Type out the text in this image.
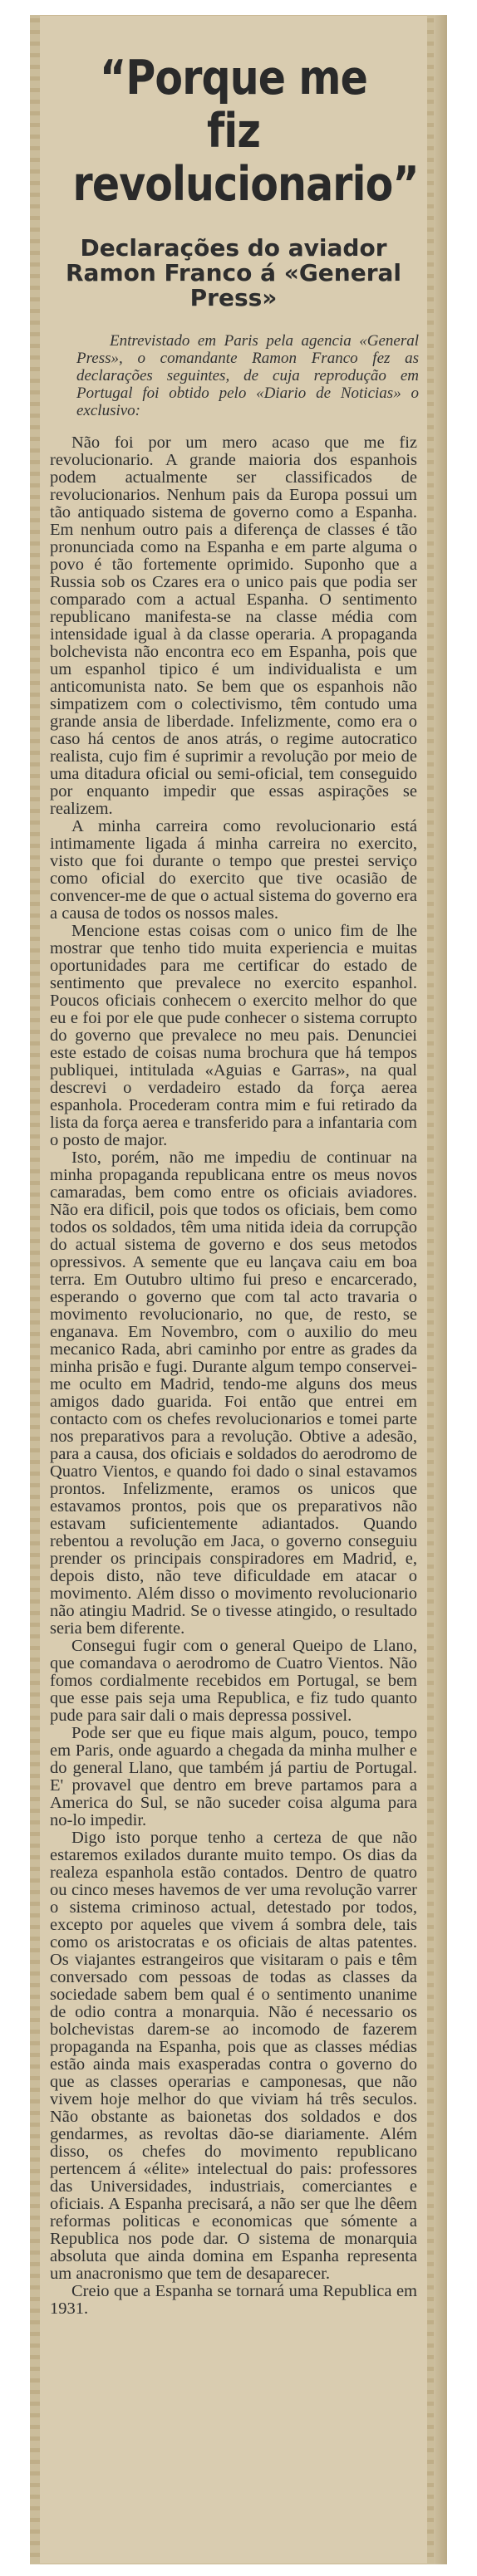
“Porque me fiz revolucionario”
Declarações do aviador Ramon Franco á «General Press»
Entrevistado em Paris pela agencia «General Press», o comandante Ramon Franco fez as declarações seguintes, de cuja reprodução em Portugal foi obtido pelo «Diario de Noticias» o exclusivo:

Não foi por um mero acaso que me fiz revolucionario. A grande maioria dos espanhois podem actualmente ser classificados de revolucionarios. Nenhum pais da Europa possui um tão antiquado sistema de governo como a Espanha. Em nenhum outro pais a diferença de classes é tão pronunciada como na Espanha e em parte alguma o povo é tão fortemente oprimido. Suponho que a Russia sob os Czares era o unico pais que podia ser comparado com a actual Espanha. O sentimento republicano manifesta-se na classe média com intensidade igual à da classe operaria. A propaganda bolchevista não encontra eco em Espanha, pois que um espanhol tipico é um individualista e um anticomunista nato. Se bem que os espanhois não simpatizem com o colectivismo, têm contudo uma grande ansia de liberdade. Infelizmente, como era o caso há centos de anos atrás, o regime autocratico realista, cujo fim é suprimir a revolução por meio de uma ditadura oficial ou semi-oficial, tem conseguido por enquanto impedir que essas aspirações se realizem.

A minha carreira como revolucionario está intimamente ligada á minha carreira no exercito, visto que foi durante o tempo que prestei serviço como oficial do exercito que tive ocasião de convencer-me de que o actual sistema do governo era a causa de todos os nossos males.

Mencione estas coisas com o unico fim de lhe mostrar que tenho tido muita experiencia e muitas oportunidades para me certificar do estado de sentimento que prevalece no exercito espanhol. Poucos oficiais conhecem o exercito melhor do que eu e foi por ele que pude conhecer o sistema corrupto do governo que prevalece no meu pais. Denunciei este estado de coisas numa brochura que há tempos publiquei, intitulada «Aguias e Garras», na qual descrevi o verdadeiro estado da força aerea espanhola. Procederam contra mim e fui retirado da lista da força aerea e transferido para a infantaria com o posto de major.

Isto, porém, não me impediu de continuar na minha propaganda republicana entre os meus novos camaradas, bem como entre os oficiais aviadores. Não era dificil, pois que todos os oficiais, bem como todos os soldados, têm uma nitida ideia da corrupção do actual sistema de governo e dos seus metodos opressivos. A semente que eu lançava caiu em boa terra. Em Outubro ultimo fui preso e encarcerado, esperando o governo que com tal acto travaria o movimento revolucionario, no que, de resto, se enganava. Em Novembro, com o auxilio do meu mecanico Rada, abri caminho por entre as grades da minha prisão e fugi. Durante algum tempo conservei-me oculto em Madrid, tendo-me alguns dos meus amigos dado guarida. Foi então que entrei em contacto com os chefes revolucionarios e tomei parte nos preparativos para a revolução. Obtive a adesão, para a causa, dos oficiais e soldados do aerodromo de Quatro Vientos, e quando foi dado o sinal estavamos prontos. Infelizmente, eramos os unicos que estavamos prontos, pois que os preparativos não estavam suficientemente adiantados. Quando rebentou a revolução em Jaca, o governo conseguiu prender os principais conspiradores em Madrid, e, depois disto, não teve dificuldade em atacar o movimento. Além disso o movimento revolucionario não atingiu Madrid. Se o tivesse atingido, o resultado seria bem diferente.

Consegui fugir com o general Queipo de Llano, que comandava o aerodromo de Cuatro Vientos. Não fomos cordialmente recebidos em Portugal, se bem que esse pais seja uma Republica, e fiz tudo quanto pude para sair dali o mais depressa possivel.

Pode ser que eu fique mais algum, pouco, tempo em Paris, onde aguardo a chegada da minha mulher e do general Llano, que também já partiu de Portugal. E' provavel que dentro em breve partamos para a America do Sul, se não suceder coisa alguma para no-lo impedir.

Digo isto porque tenho a certeza de que não estaremos exilados durante muito tempo. Os dias da realeza espanhola estão contados. Dentro de quatro ou cinco meses havemos de ver uma revolução varrer o sistema criminoso actual, detestado por todos, excepto por aqueles que vivem á sombra dele, tais como os aristocratas e os oficiais de altas patentes. Os viajantes estrangeiros que visitaram o pais e têm conversado com pessoas de todas as classes da sociedade sabem bem qual é o sentimento unanime de odio contra a monarquia. Não é necessario os bolchevistas darem-se ao incomodo de fazerem propaganda na Espanha, pois que as classes médias estão ainda mais exasperadas contra o governo do que as classes operarias e camponesas, que não vivem hoje melhor do que viviam há três seculos. Não obstante as baionetas dos soldados e dos gendarmes, as revoltas dão-se diariamente. Além disso, os chefes do movimento republicano pertencem á «élite» intelectual do pais: professores das Universidades, industriais, comerciantes e oficiais. A Espanha precisará, a não ser que lhe dêem reformas politicas e economicas que sómente a Republica nos pode dar. O sistema de monarquia absoluta que ainda domina em Espanha representa um anacronismo que tem de desaparecer.

Creio que a Espanha se tornará uma Republica em 1931.
